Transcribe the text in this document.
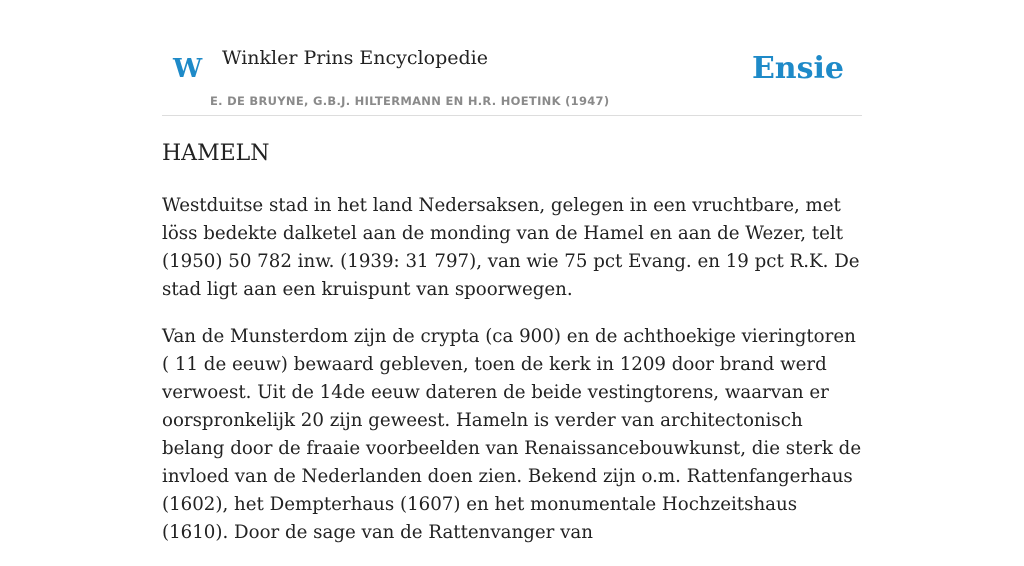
W Winkler Prins Encyclopedie
E. DE BRUYNE, G.B.J. HILTERMANN EN H.R. HOETINK (1947)
Ensie
HAMELN

Westduitse stad in het land Nedersaksen, gelegen in een vruchtbare, met löss bedekte dalketel aan de monding van de Hamel en aan de Wezer, telt (1950) 50 782 inw. (1939: 31 797), van wie 75 pct Evang. en 19 pct R.K. De stad ligt aan een kruispunt van spoorwegen.

Van de Munsterdom zijn de crypta (ca 900) en de achthoekige vieringtoren ( 11 de eeuw) bewaard gebleven, toen de kerk in 1209 door brand werd verwoest. Uit de 14de eeuw dateren de beide vestingtorens, waarvan er oorspronkelijk 20 zijn geweest. Hameln is verder van architectonisch belang door de fraaie voorbeelden van Renaissancebouwkunst, die sterk de invloed van de Nederlanden doen zien. Bekend zijn o.m. Rattenfangerhaus (1602), het Dempterhaus (1607) en het monumentale Hochzeitshaus (1610). Door de sage van de Rattenvanger van
